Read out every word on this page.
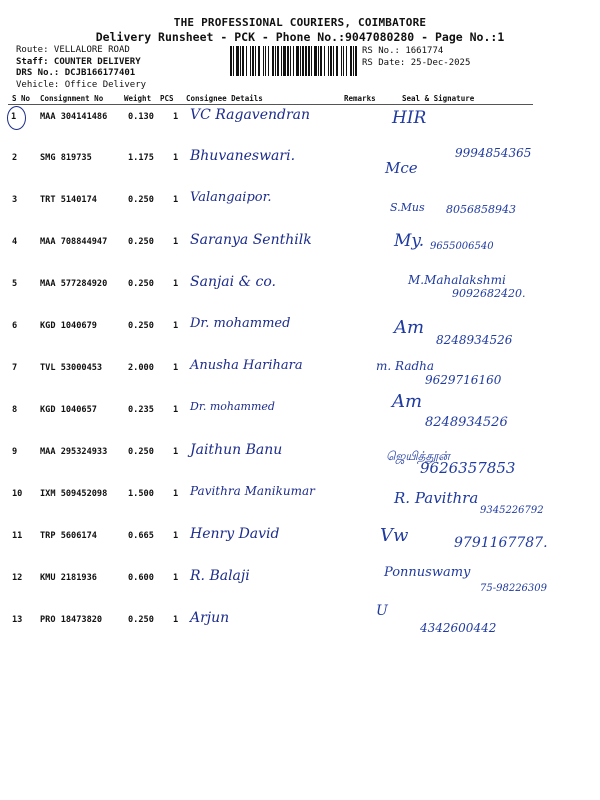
THE PROFESSIONAL COURIERS, COIMBATORE
Delivery Runsheet - PCK - Phone No.:9047080280 - Page No.:1
Route: VELLALORE ROAD
Staff: COUNTER DELIVERY
DRS No.: DCJB166177401
Vehicle: Office Delivery
RS No.: 1661774
RS Date: 25-Dec-2025
S No Consignment No	Weight PCS Consignee Details	Remarks	Seal & Signature
1	MAA 304141486 0.130 1 VC Ragavendran	HIR
2	SMG 819735	1.175 1 Bhuvaneswari.
Mce
9994854365
3	TRT 5140174	0.250 1 Valangaipor.
S.Mus 8056858943
4	MAA 708844947 0.250 1 Saranya Senthilk	My. 9655006540
5	MAA 577284920 0.250 1 Sanjai & co.	M.Mahalakshmi
9092682420.
6	KGD 1040679	0.250 1 Dr. mohammed	Am
8248934526
7	TVL 53000453	2.000 1 Anusha Harihara	m. Radha
9629716160
8	KGD 1040657	0.235 1 Dr. mohammed	Am
8248934526
9	MAA 295324933 0.250 1 Jaithun Banu	ஜெயித்தூன்
9626357853
10 IXM 509452098 1.500 1 Pavithra Manikumar	R. Pavithra
9345226792
11 TRP 5606174	0.665 1 Henry David	Vw	9791167787.
12 KMU 2181936	0.600 1 R. Balaji	Ponnuswamy
75-98226309
13 PRO 18473820	0.250 1 Arjun	U
4342600442
